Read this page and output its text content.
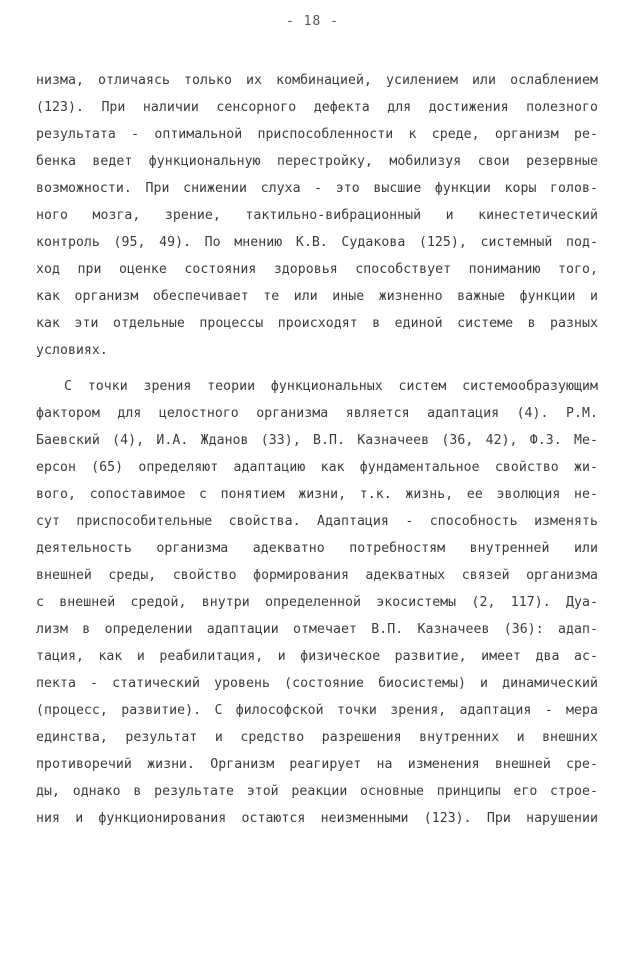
- 18 -
низма, отличаясь только их комбинацией, усилением или ослаблением
(123). При наличии сенсорного дефекта для достижения полезного
результата - оптимальной приспособленности к среде, организм ре-
бенка ведет функциональную перестройку, мобилизуя свои резервные
возможности. При снижении слуха - это высшие функции коры голов-
ного мозга, зрение, тактильно-вибрационный и кинестетический
контроль (95, 49). По мнению К.В. Судакова (125), системный под-
ход при оценке состояния здоровья способствует пониманию того,
как организм обеспечивает те или иные жизненно важные функции и
как эти отдельные процессы происходят в единой системе в разных
условиях.
С точки зрения теории функциональных систем системообразующим
фактором для целостного организма является адаптация (4). Р.М.
Баевский (4), И.А. Жданов (33), В.П. Казначеев (36, 42), Ф.З. Ме-
ерсон (65) определяют адаптацию как фундаментальное свойство жи-
вого, сопоставимое с понятием жизни, т.к. жизнь, ее эволюция не-
сут приспособительные свойства. Адаптация - способность изменять
деятельность организма адекватно потребностям внутренней или
внешней среды, свойство формирования адекватных связей организма
с внешней средой, внутри определенной экосистемы (2, 117). Дуа-
лизм в определении адаптации отмечает В.П. Казначеев (36): адап-
тация, как и реабилитация, и физическое развитие, имеет два ас-
пекта - статический уровень (состояние биосистемы) и динамический
(процесс, развитие). С философской точки зрения, адаптация - мера
единства, результат и средство разрешения внутренних и внешних
противоречий жизни. Организм реагирует на изменения внешней сре-
ды, однако в результате этой реакции основные принципы его строе-
ния и функционирования остаются неизменными (123). При нарушении
